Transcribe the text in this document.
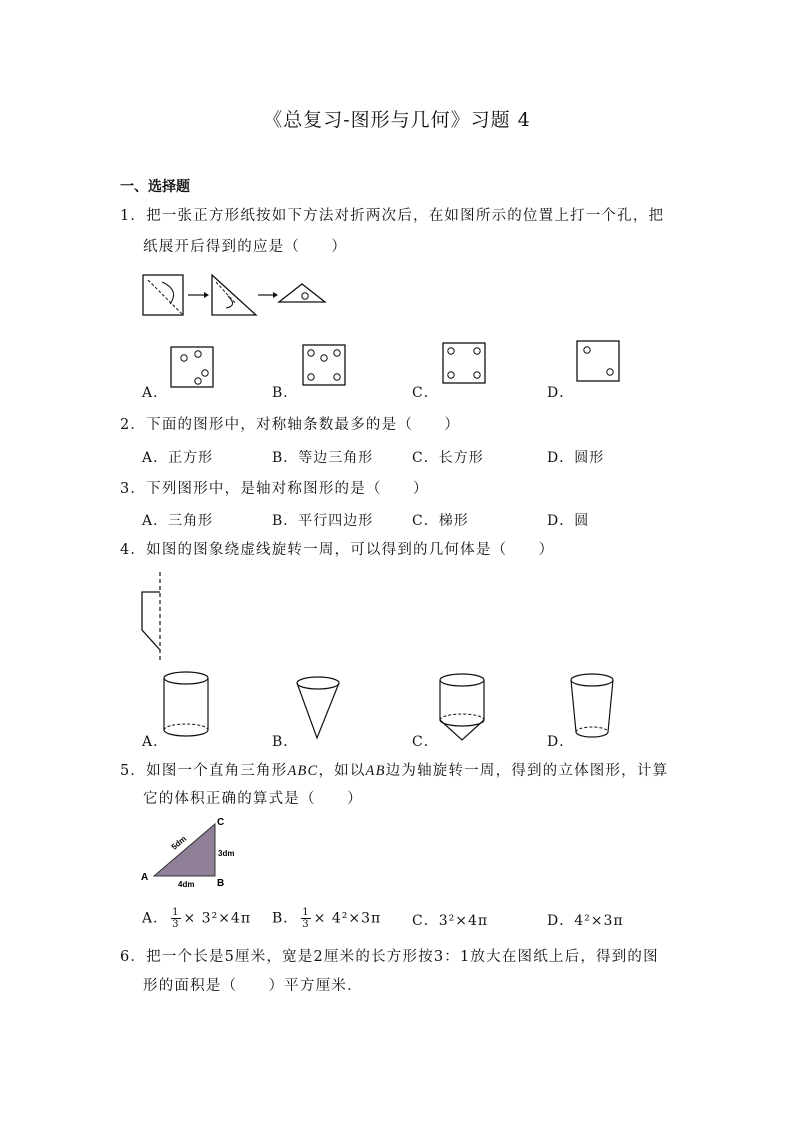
《总复习-图形与几何》习题 4
一、选择题
1．把一张正方形纸按如下方法对折两次后，在如图所示的位置上打一个孔，把
纸展开后得到的应是（　　）
A．	B．	C．	D．
2．下面的图形中，对称轴条数最多的是（　　）
A．正方形	B．等边三角形	C．长方形	D．圆形
3．下列图形中，是轴对称图形的是（　　）
A．三角形	B．平行四边形	C．梯形	D．圆
4．如图的图象绕虚线旋转一周，可以得到的几何体是（　　）
A．	B．	C．	D．
5．如图一个直角三角形ABC，如以AB边为轴旋转一周，得到的立体图形，计算
它的体积正确的算式是（　　）
A
B
C
5dm
3dm
4dm
A． $\frac{1}{3} \times 3^2\times 4\pi$ B． $\frac{1}{3} \times 4^2\times 3\pi$ C．3²×4π	D．4²×3π
6．把一个长是5厘米，宽是2厘米的长方形按3：1放大在图纸上后，得到的图
形的面积是（　　）平方厘米．
